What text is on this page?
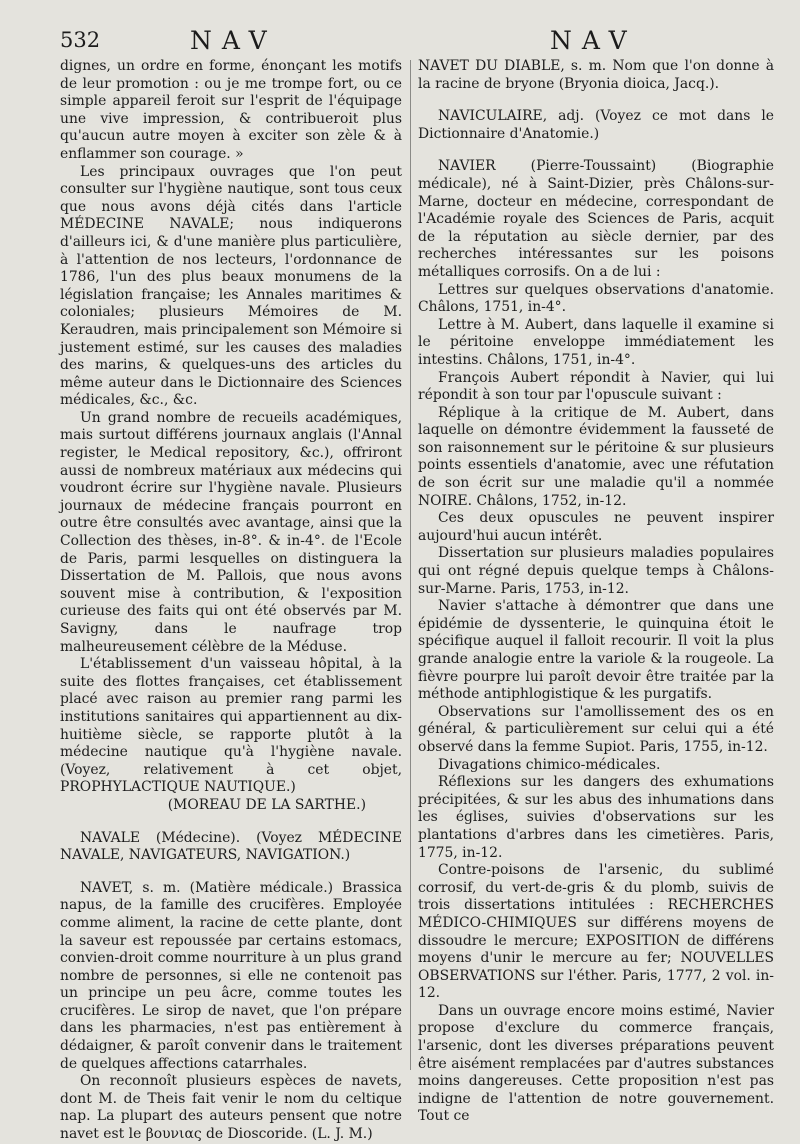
532	NAV	NAV

dignes, un ordre en forme, énonçant les motifs de leur promotion : ou je me trompe fort, ou ce simple appareil feroit sur l'esprit de l'équipage une vive impression, & contribueroit plus qu'aucun autre moyen à exciter son zèle & à enflammer son courage. »

Les principaux ouvrages que l'on peut consulter sur l'hygiène nautique, sont tous ceux que nous avons déjà cités dans l'article MÉDECINE NAVALE; nous indiquerons d'ailleurs ici, & d'une manière plus particulière, à l'attention de nos lecteurs, l'ordonnance de 1786, l'un des plus beaux monumens de la législation française; les Annales maritimes & coloniales; plusieurs Mémoires de M. Keraudren, mais principalement son Mémoire si justement estimé, sur les causes des maladies des marins, & quelques-uns des articles du même auteur dans le Dictionnaire des Sciences médicales, &c., &c.

Un grand nombre de recueils académiques, mais surtout différens journaux anglais (l'Annal register, le Medical repository, &c.), offriront aussi de nombreux matériaux aux médecins qui voudront écrire sur l'hygiène navale. Plusieurs journaux de médecine français pourront en outre être consultés avec avantage, ainsi que la Collection des thèses, in-8°. & in-4°. de l'Ecole de Paris, parmi lesquelles on distinguera la Dissertation de M. Pallois, que nous avons souvent mise à contribution, & l'exposition curieuse des faits qui ont été observés par M. Savigny, dans le naufrage trop malheureusement célèbre de la Méduse.

L'établissement d'un vaisseau hôpital, à la suite des flottes françaises, cet établissement placé avec raison au premier rang parmi les institutions sanitaires qui appartiennent au dix-huitième siècle, se rapporte plutôt à la médecine nautique qu'à l'hygiène navale. (Voyez, relativement à cet objet, PROPHYLACTIQUE NAUTIQUE.)

(MOREAU DE LA SARTHE.)

NAVALE (Médecine). (Voyez MÉDECINE NAVALE, NAVIGATEURS, NAVIGATION.)

NAVET, s. m. (Matière médicale.) Brassica napus, de la famille des crucifères. Employée comme aliment, la racine de cette plante, dont la saveur est repoussée par certains estomacs, convien-droit comme nourriture à un plus grand nombre de personnes, si elle ne contenoit pas un principe un peu âcre, comme toutes les crucifères. Le sirop de navet, que l'on prépare dans les pharmacies, n'est pas entièrement à dédaigner, & paroît convenir dans le traitement de quelques affections catarrhales.

On reconnoît plusieurs espèces de navets, dont M. de Theis fait venir le nom du celtique nap. La plupart des auteurs pensent que notre navet est le βουνιας de Dioscoride. (L. J. M.)

NAVET DU DIABLE, s. m. Nom que l'on donne à la racine de bryone (Bryonia dioica, Jacq.).

NAVICULAIRE, adj. (Voyez ce mot dans le Dictionnaire d'Anatomie.)

NAVIER (Pierre-Toussaint) (Biographie médicale), né à Saint-Dizier, près Châlons-sur-Marne, docteur en médecine, correspondant de l'Académie royale des Sciences de Paris, acquit de la réputation au siècle dernier, par des recherches intéressantes sur les poisons métalliques corrosifs. On a de lui :

Lettres sur quelques observations d'anatomie. Châlons, 1751, in-4°.

Lettre à M. Aubert, dans laquelle il examine si le péritoine enveloppe immédiatement les intestins. Châlons, 1751, in-4°.

François Aubert répondit à Navier, qui lui répondit à son tour par l'opuscule suivant :

Réplique à la critique de M. Aubert, dans laquelle on démontre évidemment la fausseté de son raisonnement sur le péritoine & sur plusieurs points essentiels d'anatomie, avec une réfutation de son écrit sur une maladie qu'il a nommée NOIRE. Châlons, 1752, in-12.

Ces deux opuscules ne peuvent inspirer aujourd'hui aucun intérêt.

Dissertation sur plusieurs maladies populaires qui ont régné depuis quelque temps à Châlons-sur-Marne. Paris, 1753, in-12.

Navier s'attache à démontrer que dans une épidémie de dyssenterie, le quinquina étoit le spécifique auquel il falloit recourir. Il voit la plus grande analogie entre la variole & la rougeole. La fièvre pourpre lui paroît devoir être traitée par la méthode antiphlogistique & les purgatifs.

Observations sur l'amollissement des os en général, & particulièrement sur celui qui a été observé dans la femme Supiot. Paris, 1755, in-12.

Divagations chimico-médicales.

Réflexions sur les dangers des exhumations précipitées, & sur les abus des inhumations dans les églises, suivies d'observations sur les plantations d'arbres dans les cimetières. Paris, 1775, in-12.

Contre-poisons de l'arsenic, du sublimé corrosif, du vert-de-gris & du plomb, suivis de trois dissertations intitulées : RECHERCHES MÉDICO-CHIMIQUES sur différens moyens de dissoudre le mercure; EXPOSITION de différens moyens d'unir le mercure au fer; NOUVELLES OBSERVATIONS sur l'éther. Paris, 1777, 2 vol. in-12.

Dans un ouvrage encore moins estimé, Navier propose d'exclure du commerce français, l'arsenic, dont les diverses préparations peuvent être aisément remplacées par d'autres substances moins dangereuses. Cette proposition n'est pas indigne de l'attention de notre gouvernement. Tout ce
